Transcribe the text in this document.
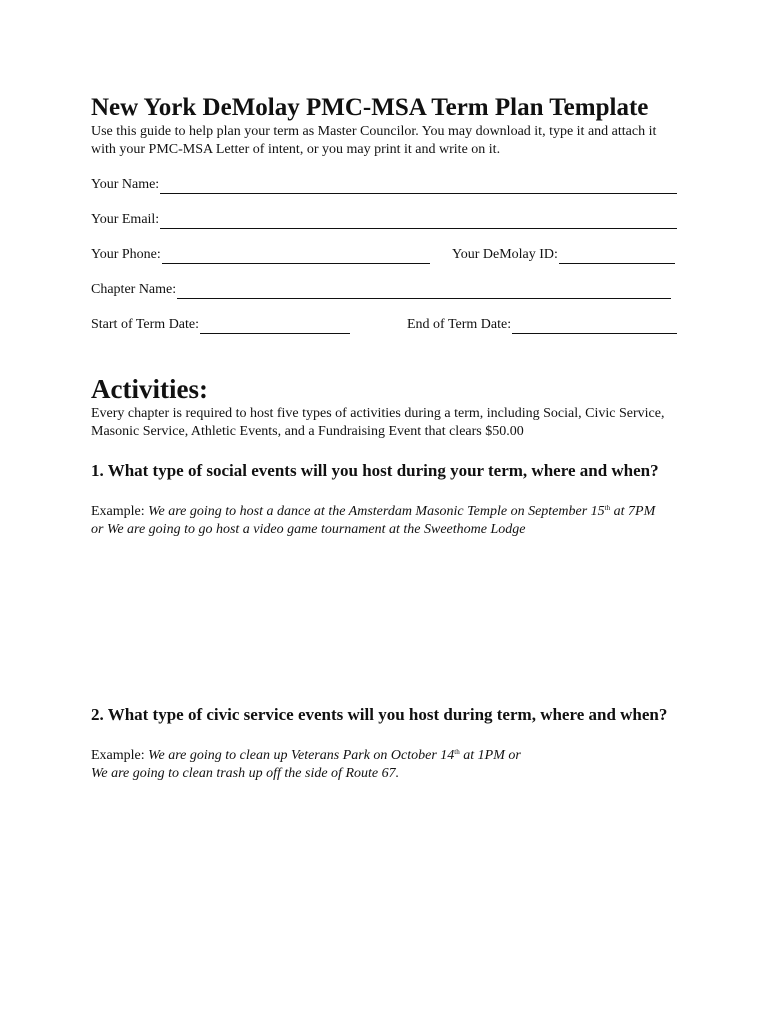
New York DeMolay PMC-MSA Term Plan Template

Use this guide to help plan your term as Master Councilor. You may download it, type it and attach it with your PMC-MSA Letter of intent, or you may print it and write on it.

Your Name:
Your Email:
Your Phone:	Your DeMolay ID:
Chapter Name:
Start of Term Date:	End of Term Date:
Activities:

Every chapter is required to host five types of activities during a term, including Social, Civic Service, Masonic Service, Athletic Events, and a Fundraising Event that clears $50.00

1. What type of social events will you host during your term, where and when?

Example: We are going to host a dance at the Amsterdam Masonic Temple on September 15th at 7PM
or We are going to go host a video game tournament at the Sweethome Lodge

2. What type of civic service events will you host during term, where and when?

Example: We are going to clean up Veterans Park on October 14th at 1PM or
We are going to clean trash up off the side of Route 67.
